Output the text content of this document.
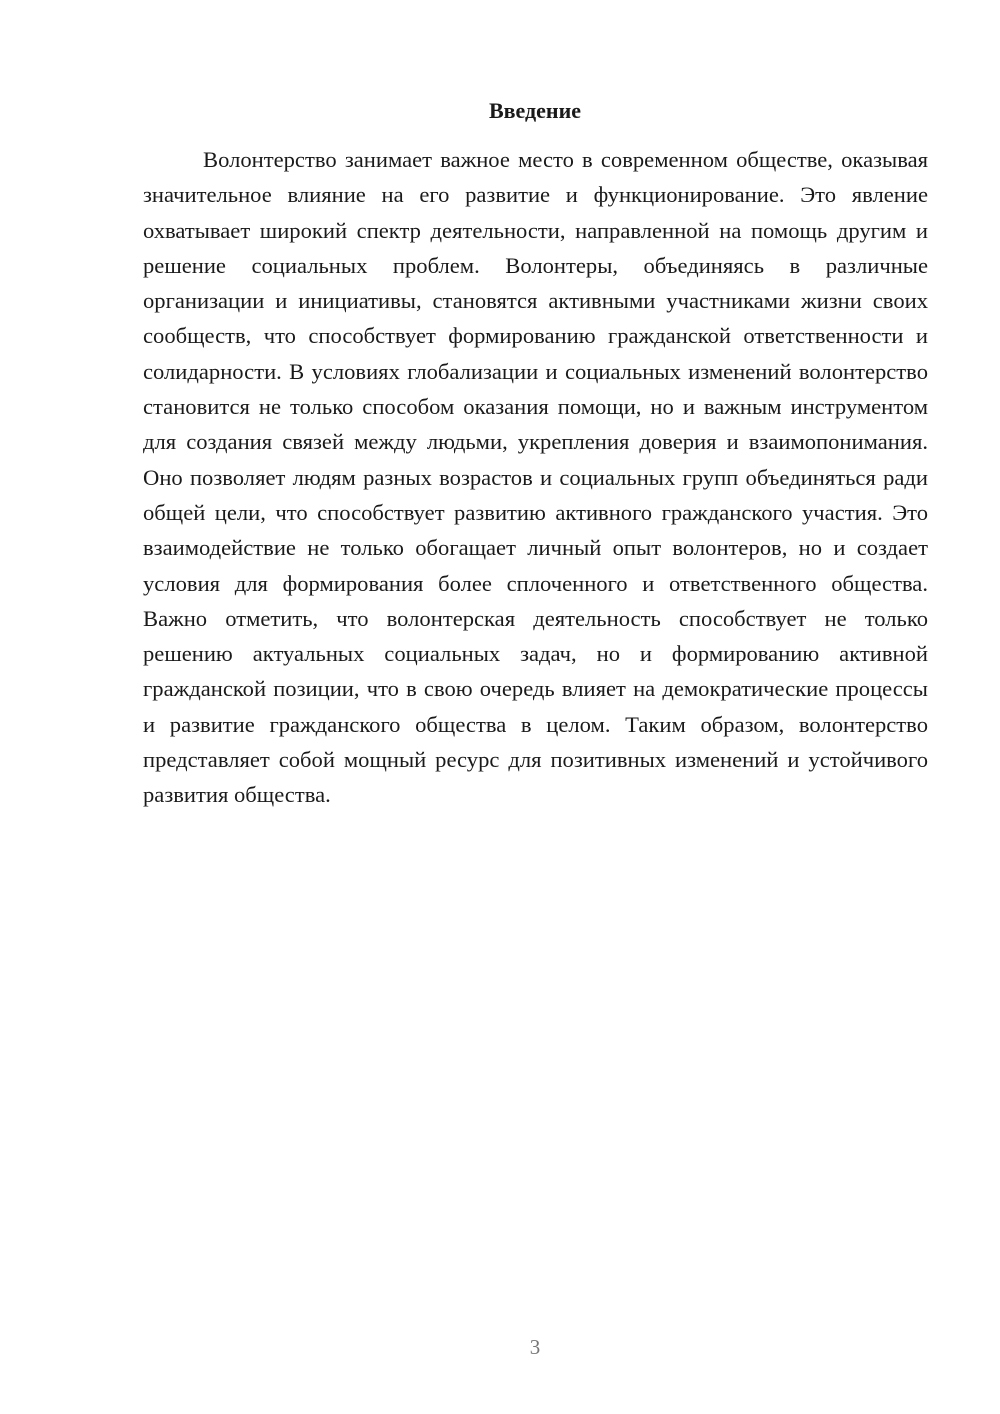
Введение

Волонтерство занимает важное место в современном обществе, оказывая значительное влияние на его развитие и функционирование. Это явление охватывает широкий спектр деятельности, направленной на помощь другим и решение социальных проблем. Волонтеры, объединяясь в различные организации и инициативы, становятся активными участниками жизни своих сообществ, что способствует формированию гражданской ответственности и солидарности. В условиях глобализации и социальных изменений волонтерство становится не только способом оказания помощи, но и важным инструментом для создания связей между людьми, укрепления доверия и взаимопонимания. Оно позволяет людям разных возрастов и социальных групп объединяться ради общей цели, что способствует развитию активного гражданского участия. Это взаимодействие не только обогащает личный опыт волонтеров, но и создает условия для формирования более сплоченного и ответственного общества. Важно отметить, что волонтерская деятельность способствует не только решению актуальных социальных задач, но и формированию активной гражданской позиции, что в свою очередь влияет на демократические процессы и развитие гражданского общества в целом. Таким образом, волонтерство представляет собой мощный ресурс для позитивных изменений и устойчивого развития общества.

3
